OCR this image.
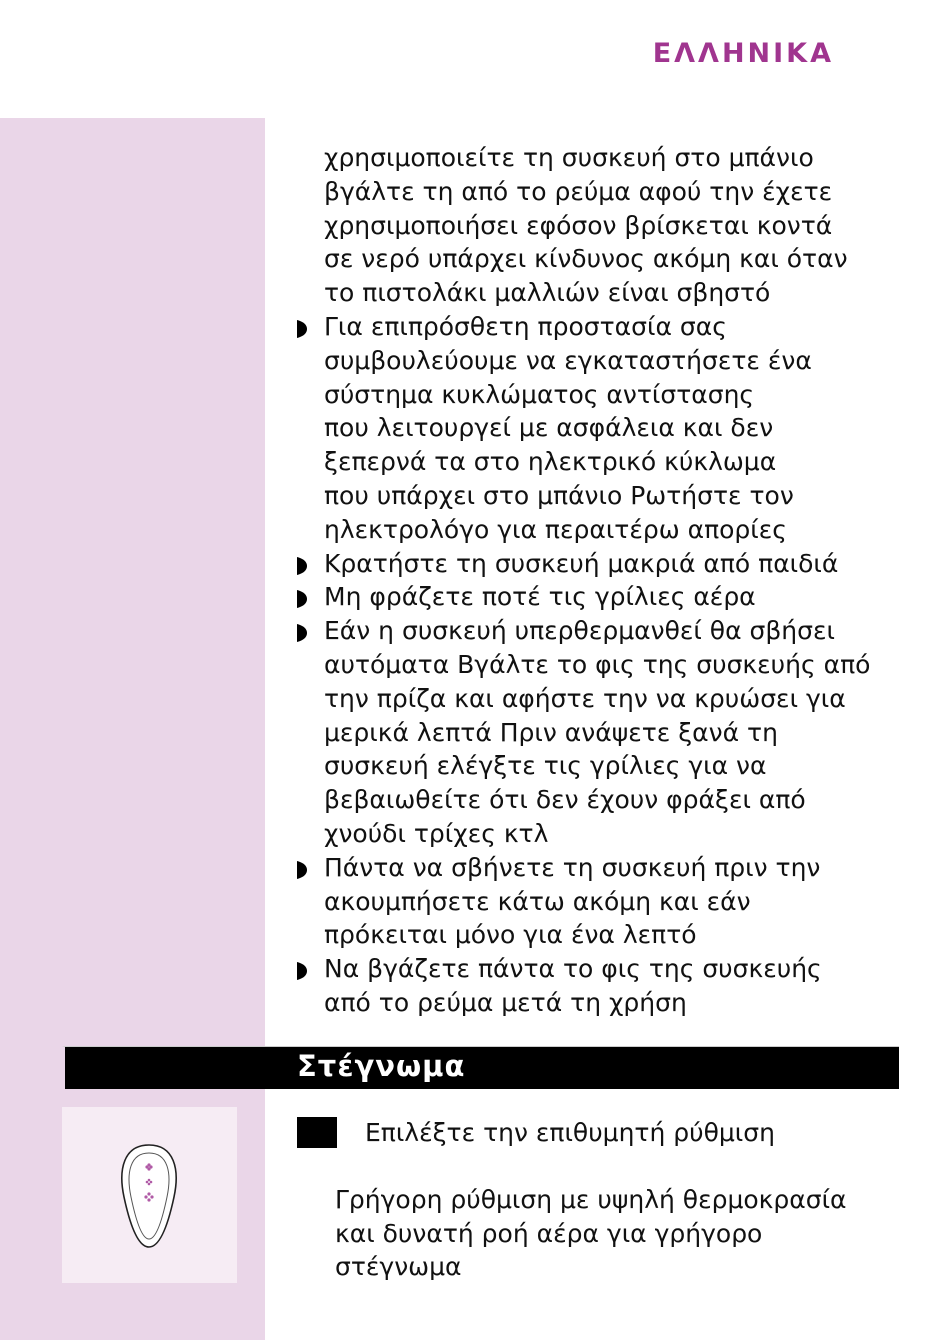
ΕΛΛΗΝΙΚΑ
χρησιμοποιείτε τη συσκευή στο μπάνιο
βγάλτε τη από το ρεύμα αφού την έχετε
χρησιμοποιήσει εφόσον βρίσκεται κοντά
σε νερό υπάρχει κίνδυνος ακόμη και όταν
το πιστολάκι μαλλιών είναι σβηστό
Για επιπρόσθετη προστασία σας
συμβουλεύουμε να εγκαταστήσετε ένα
σύστημα κυκλώματος αντίστασης
που λειτουργεί με ασφάλεια και δεν
ξεπερνά τα στο ηλεκτρικό κύκλωμα
που υπάρχει στο μπάνιο Ρωτήστε τον
ηλεκτρολόγο για περαιτέρω απορίες
Κρατήστε τη συσκευή μακριά από παιδιά
Μη φράζετε ποτέ τις γρίλιες αέρα
Εάν η συσκευή υπερθερμανθεί θα σβήσει
αυτόματα Βγάλτε το φις της συσκευής από
την πρίζα και αφήστε την να κρυώσει για
μερικά λεπτά Πριν ανάψετε ξανά τη
συσκευή ελέγξτε τις γρίλιες για να
βεβαιωθείτε ότι δεν έχουν φράξει από
χνούδι τρίχες κτλ
Πάντα να σβήνετε τη συσκευή πριν την
ακουμπήσετε κάτω ακόμη και εάν
πρόκειται μόνο για ένα λεπτό
Να βγάζετε πάντα το φις της συσκευής
από το ρεύμα μετά τη χρήση
Στέγνωμα
Επιλέξτε την επιθυμητή ρύθμιση
Γρήγορη ρύθμιση με υψηλή θερμοκρασία
και δυνατή ροή αέρα για γρήγορο
στέγνωμα
